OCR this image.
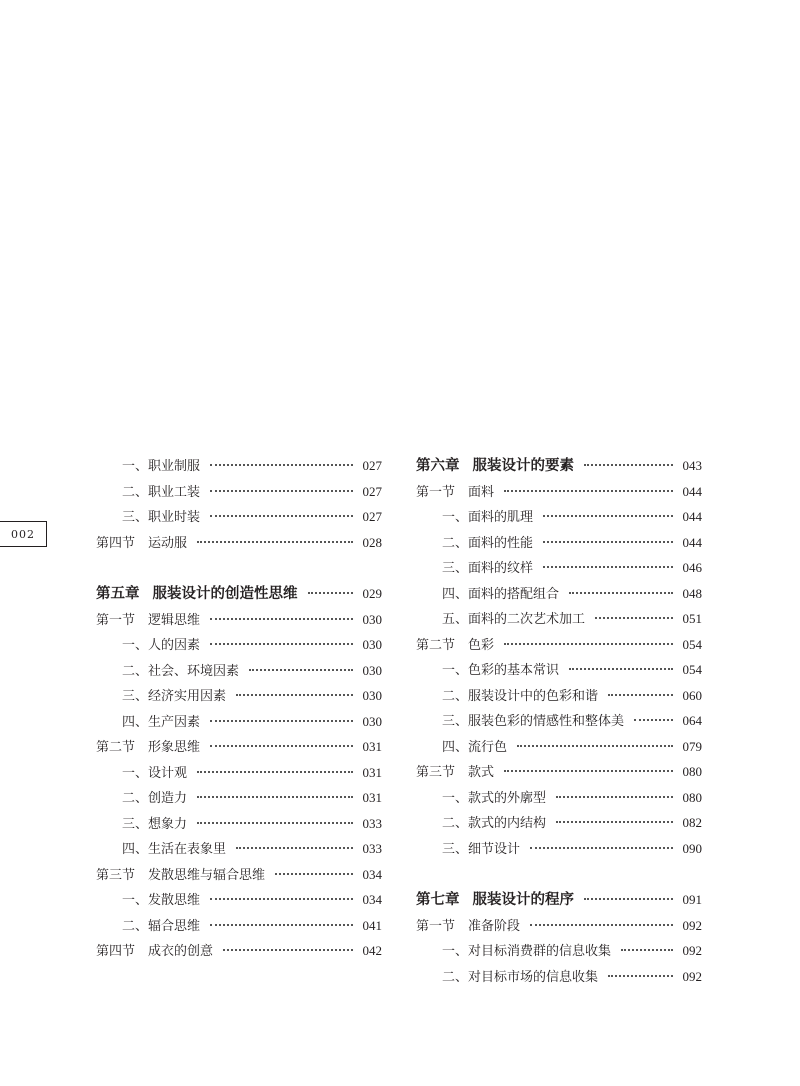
002
一、职业制服	027
二、职业工装	027
三、职业时装	027
第四节 运动服	028
第五章 服装设计的创造性思维	029
第一节 逻辑思维	030
一、人的因素	030
二、社会、环境因素	030
三、经济实用因素	030
四、生产因素	030
第二节 形象思维	031
一、设计观	031
二、创造力	031
三、想象力	033
四、生活在表象里	033
第三节 发散思维与辐合思维	034
一、发散思维	034
二、辐合思维	041
第四节 成衣的创意	042
第六章 服装设计的要素	043
第一节 面料	044
一、面料的肌理	044
二、面料的性能	044
三、面料的纹样	046
四、面料的搭配组合	048
五、面料的二次艺术加工	051
第二节 色彩	054
一、色彩的基本常识	054
二、服装设计中的色彩和谐	060
三、服装色彩的情感性和整体美	064
四、流行色	079
第三节 款式	080
一、款式的外廓型	080
二、款式的内结构	082
三、细节设计	090
第七章 服装设计的程序	091
第一节 准备阶段	092
一、对目标消费群的信息收集	092
二、对目标市场的信息收集	092
